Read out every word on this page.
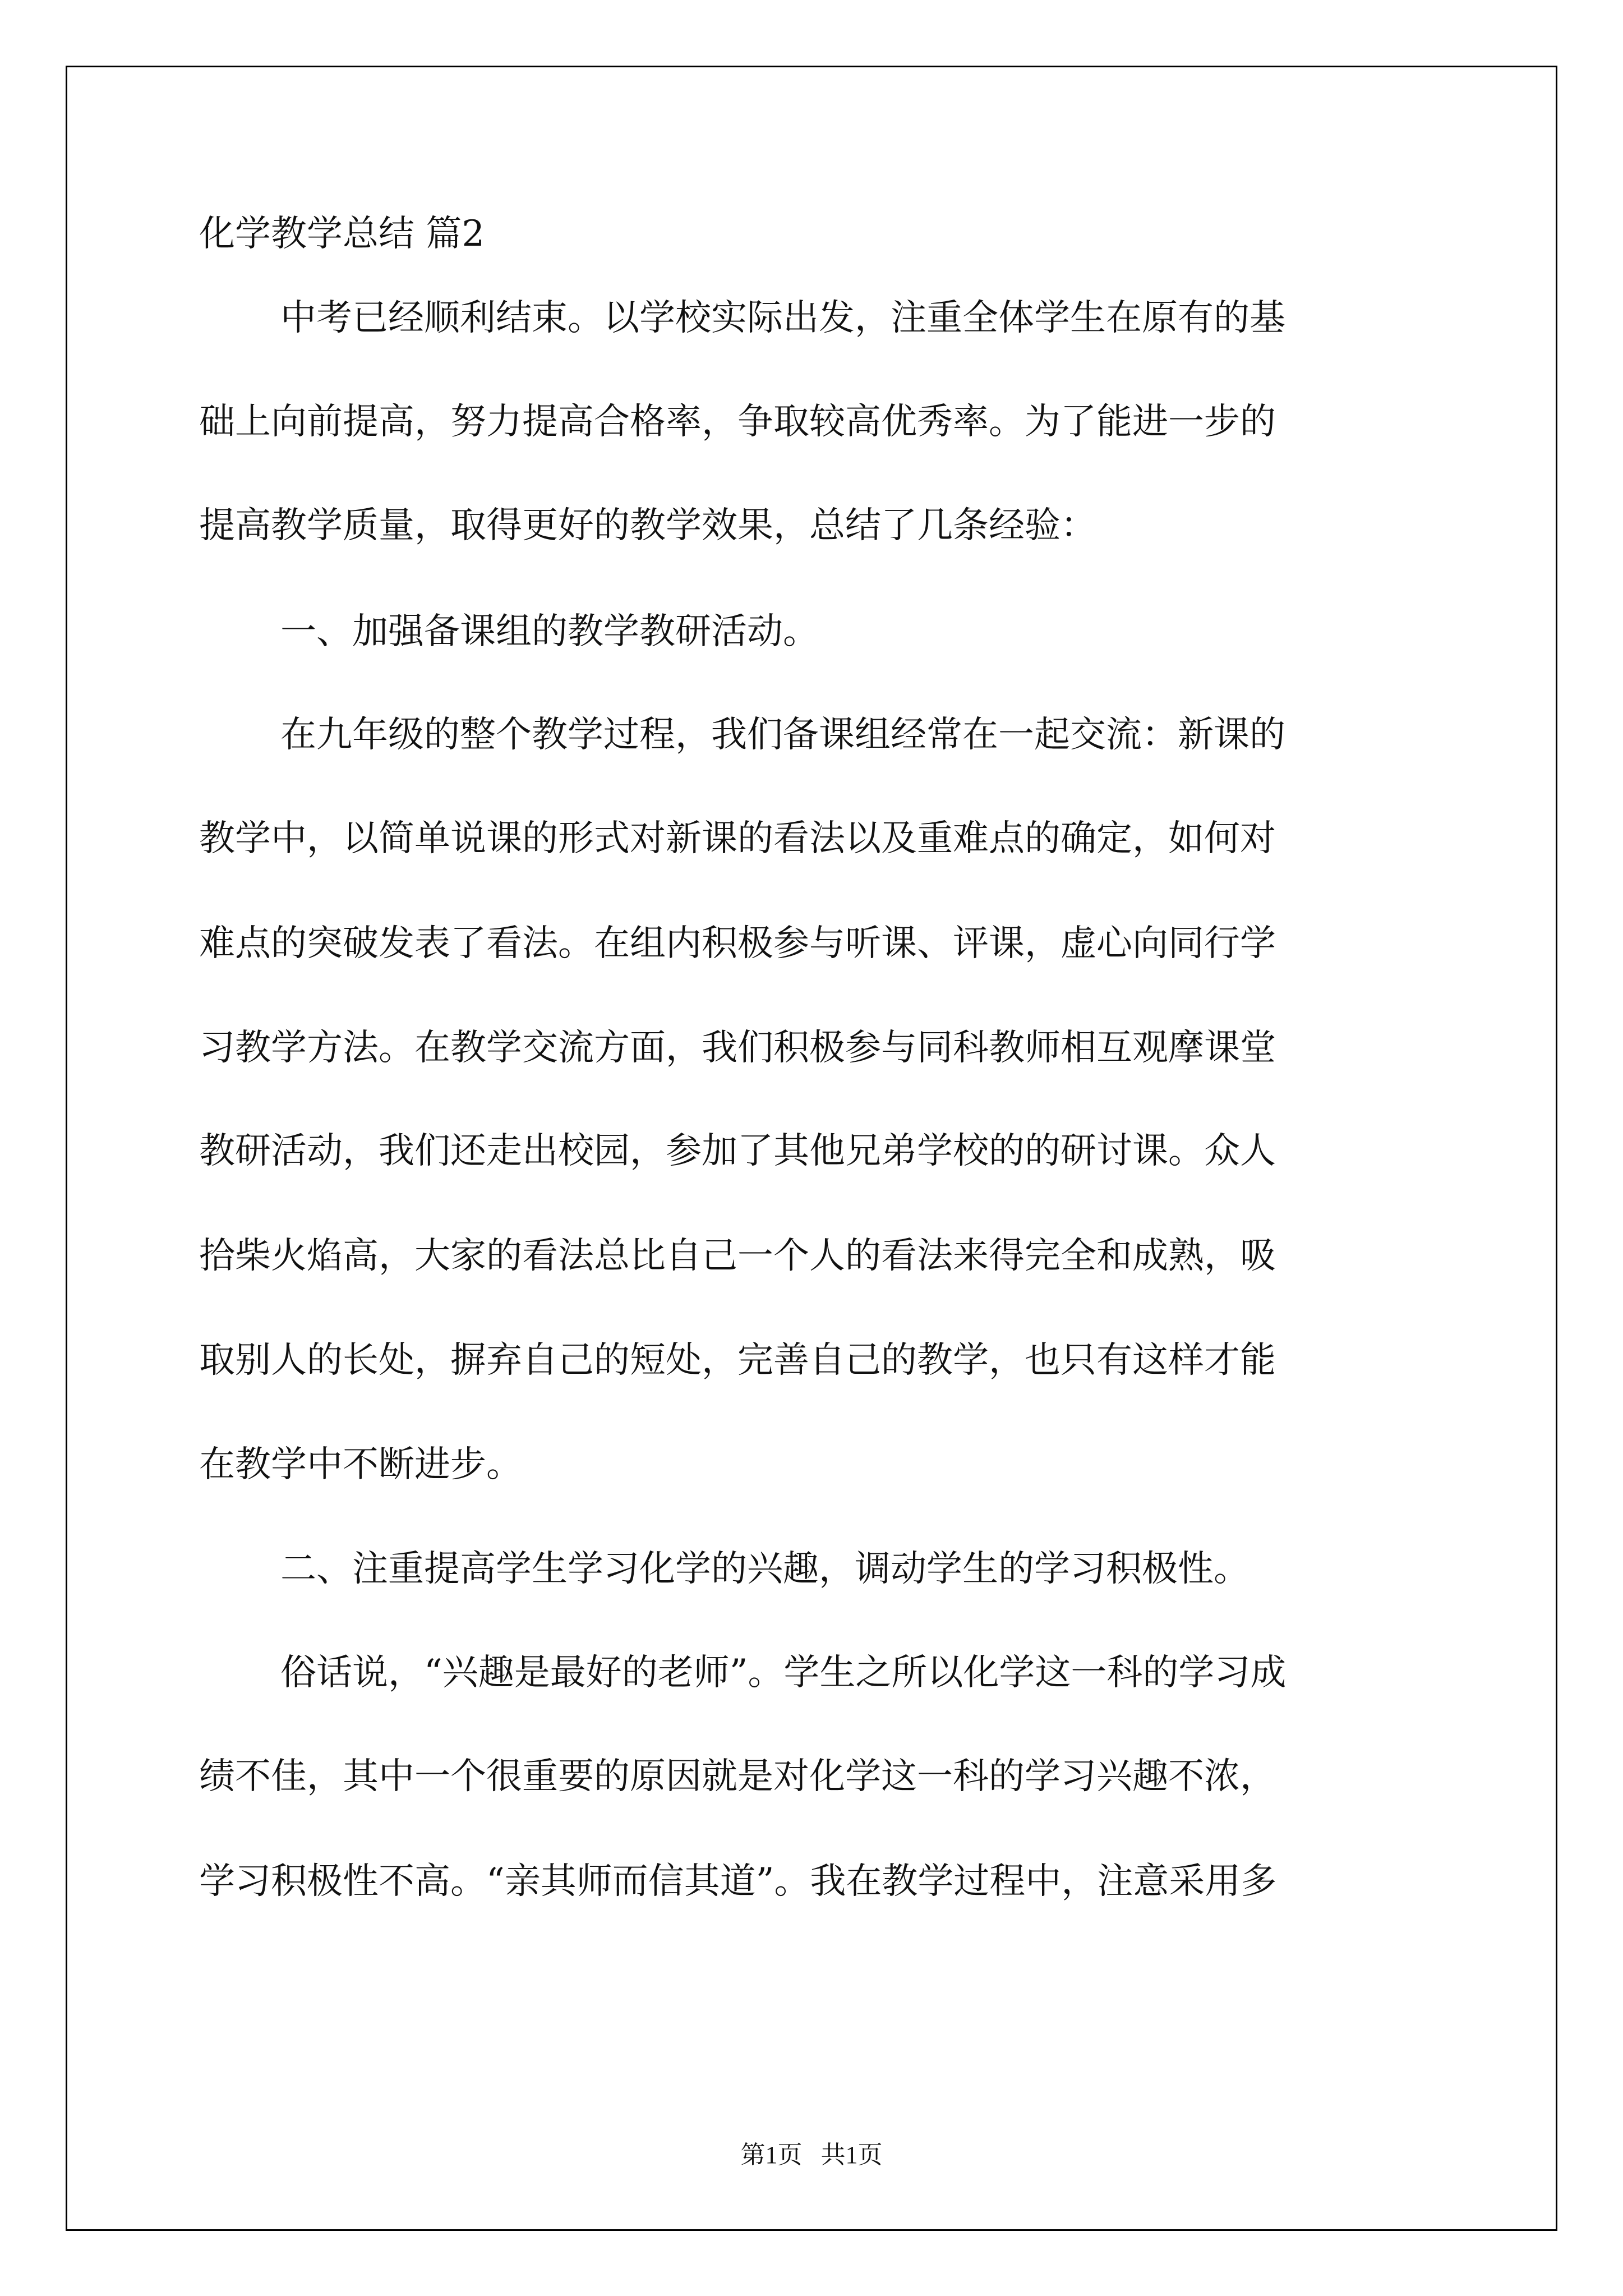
化学教学总结 篇2

中考已经顺利结束。以学校实际出发，注重全体学生在原有的基

础上向前提高，努力提高合格率，争取较高优秀率。为了能进一步的

提高教学质量，取得更好的教学效果，总结了几条经验：

一、加强备课组的教学教研活动。

在九年级的整个教学过程，我们备课组经常在一起交流：新课的

教学中，以简单说课的形式对新课的看法以及重难点的确定，如何对

难点的突破发表了看法。在组内积极参与听课、评课，虚心向同行学

习教学方法。在教学交流方面，我们积极参与同科教师相互观摩课堂

教研活动，我们还走出校园，参加了其他兄弟学校的的研讨课。众人

拾柴火焰高，大家的看法总比自己一个人的看法来得完全和成熟，吸

取别人的长处，摒弃自己的短处，完善自己的教学，也只有这样才能

在教学中不断进步。

二、注重提高学生学习化学的兴趣，调动学生的学习积极性。

俗话说，“兴趣是最好的老师”。学生之所以化学这一科的学习成

绩不佳，其中一个很重要的原因就是对化学这一科的学习兴趣不浓，

学习积极性不高。“亲其师而信其道”。我在教学过程中，注意采用多

第1页   共1页
